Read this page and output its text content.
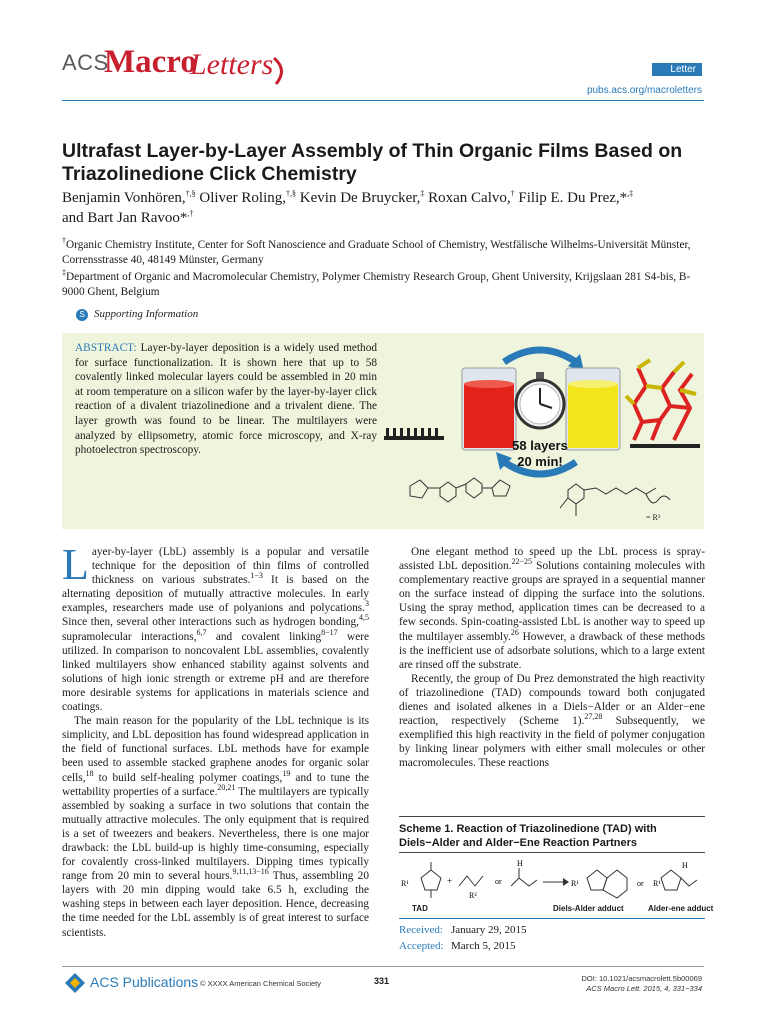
ACS
Macro
Letters	Letter
pubs.acs.org/macroletters
Ultrafast Layer-by-Layer Assembly of Thin Organic Films Based on Triazolinedione Click Chemistry
Benjamin Vonhören,†,§ Oliver Roling,†,§ Kevin De Bruycker,‡ Roxan Calvo,† Filip E. Du Prez,*,‡
and Bart Jan Ravoo*,†
†Organic Chemistry Institute, Center for Soft Nanoscience and Graduate School of Chemistry, Westfälische Wilhelms-Universität Münster, Corrensstrasse 40, 48149 Münster, Germany
‡Department of Organic and Macromolecular Chemistry, Polymer Chemistry Research Group, Ghent University, Krijgslaan 281 S4-bis, B-9000 Ghent, Belgium
S Supporting Information
ABSTRACT: Layer-by-layer deposition is a widely used method for surface functionalization. It is shown here that up to 58 covalently linked molecular layers could be assembled in 20 min at room temperature on a silicon wafer by the layer-by-layer click reaction of a divalent triazolinedione and a trivalent diene. The layer growth was found to be linear. The multilayers were analyzed by ellipsometry, atomic force microscopy, and X-ray photoelectron spectroscopy.	58 layers
20 min!
= R³

Layer-by-layer (LbL) assembly is a popular and versatile technique for the deposition of thin films of controlled thickness on various substrates.$^{1-3}$ It is based on the alternating deposition of mutually attractive molecules. In early examples, researchers made use of polyanions and polycations.$^3$ Since then, several other interactions such as hydrogen bonding,$^{4,5}$ supramolecular interactions,$^{6,7}$ and covalent linking$^{8-17}$ were utilized. In comparison to noncovalent LbL assemblies, covalently linked multilayers show enhanced stability against solvents and solutions of high ionic strength or extreme pH and are therefore more desirable systems for applications in materials science and coatings.

The main reason for the popularity of the LbL technique is its simplicity, and LbL deposition has found widespread application in the field of functional surfaces. LbL methods have for example been used to assemble stacked graphene anodes for organic solar cells,$^{18}$ to build self-healing polymer coatings,$^{19}$ and to tune the wettability properties of a surface.$^{20,21}$ The multilayers are typically assembled by soaking a surface in two solutions that contain the mutually attractive molecules. The only equipment that is required is a set of tweezers and beakers. Nevertheless, there is one major drawback: the LbL build-up is highly time-consuming, especially for covalently cross-linked multilayers. Dipping times typically range from 20 min to several hours.$^{9,11,13-16}$ Thus, assembling 20 layers with 20 min dipping would take 6.5 h, excluding the washing steps in between each layer deposition. Hence, decreasing the time needed for the LbL assembly is of great interest to surface scientists.

One elegant method to speed up the LbL process is spray-assisted LbL deposition.$^{22-25}$ Solutions containing molecules with complementary reactive groups are sprayed in a sequential manner on the surface instead of dipping the surface into the solutions. Using the spray method, application times can be decreased to a few seconds. Spin-coating-assisted LbL is another way to speed up the multilayer assembly.$^{26}$ However, a drawback of these methods is the inefficient use of adsorbate solutions, which to a large extent are rinsed off the substrate.

Recently, the group of Du Prez demonstrated the high reactivity of triazolinedione (TAD) compounds toward both conjugated dienes and isolated alkenes in a Diels−Alder or an Alder−ene reaction, respectively (Scheme 1).$^{27,28}$ Subsequently, we exemplified this high reactivity in the field of polymer conjugation by linking linear polymers with either small molecules or other macromolecules. These reactions

Scheme 1. Reaction of Triazolinedione (TAD) with Diels−Alder and Alder−Ene Reaction Partners
R¹	+
R²
or
H
R¹	or R¹
H
TAD	Diels-Alder adduct	Alder-ene adduct
Received: January 29, 2015
Accepted: March 5, 2015
ACS Publications © XXXX American Chemical Society	331	DOI: 10.1021/acsmacrolett.5b00069
ACS Macro Lett. 2015, 4, 331−334
